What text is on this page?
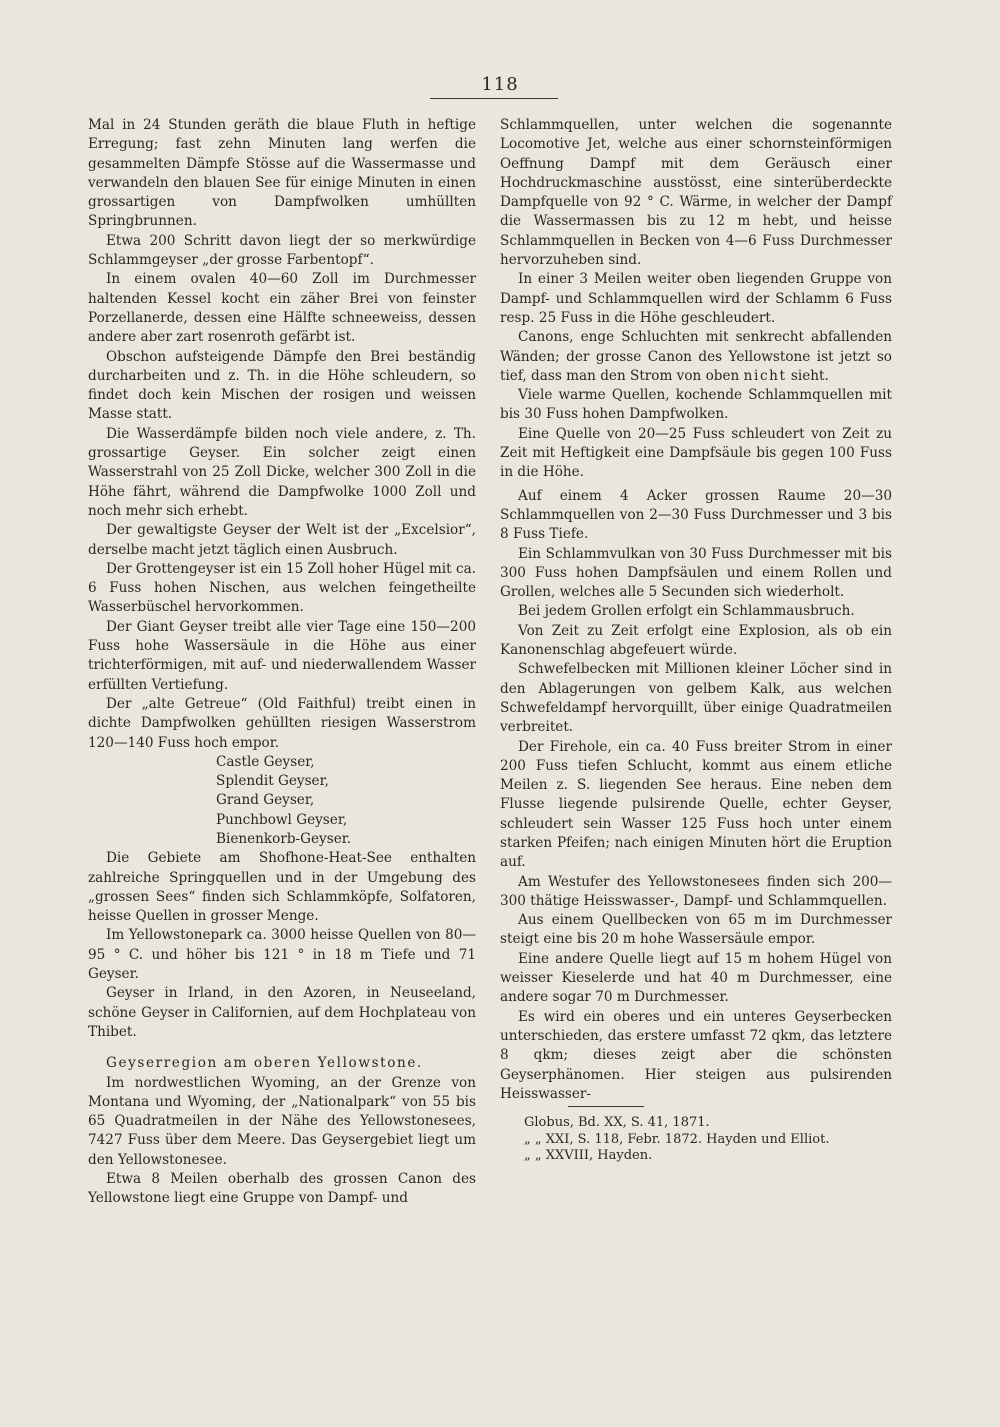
118

Mal in 24 Stunden geräth die blaue Fluth in heftige Erregung; fast zehn Minuten lang werfen die gesammelten Dämpfe Stösse auf die Wassermasse und verwandeln den blauen See für einige Minuten in einen grossartigen von Dampfwolken umhüllten Springbrunnen.

Etwa 200 Schritt davon liegt der so merkwürdige Schlammgeyser „der grosse Farbentopf“.

In einem ovalen 40—60 Zoll im Durchmesser haltenden Kessel kocht ein zäher Brei von feinster Porzellanerde, dessen eine Hälfte schneeweiss, dessen andere aber zart rosenroth gefärbt ist.

Obschon aufsteigende Dämpfe den Brei beständig durcharbeiten und z. Th. in die Höhe schleudern, so findet doch kein Mischen der rosigen und weissen Masse statt.

Die Wasserdämpfe bilden noch viele andere, z. Th. grossartige Geyser. Ein solcher zeigt einen Wasserstrahl von 25 Zoll Dicke, welcher 300 Zoll in die Höhe fährt, während die Dampfwolke 1000 Zoll und noch mehr sich erhebt.

Der gewaltigste Geyser der Welt ist der „Excelsior“, derselbe macht jetzt täglich einen Ausbruch.

Der Grottengeyser ist ein 15 Zoll hoher Hügel mit ca. 6 Fuss hohen Nischen, aus welchen feingetheilte Wasserbüschel hervorkommen.

Der Giant Geyser treibt alle vier Tage eine 150—200 Fuss hohe Wassersäule in die Höhe aus einer trichterförmigen, mit auf- und niederwallendem Wasser erfüllten Vertiefung.

Der „alte Getreue“ (Old Faithful) treibt einen in dichte Dampfwolken gehüllten riesigen Wasserstrom 120—140 Fuss hoch empor.

Castle Geyser,
Splendit Geyser,
Grand Geyser,
Punchbowl Geyser,
Bienenkorb-Geyser.

Die Gebiete am Shofhone-Heat-See enthalten zahlreiche Springquellen und in der Umgebung des „grossen Sees“ finden sich Schlammköpfe, Solfatoren, heisse Quellen in grosser Menge.

Im Yellowstonepark ca. 3000 heisse Quellen von 80—95 ° C. und höher bis 121 ° in 18 m Tiefe und 71 Geyser.

Geyser in Irland, in den Azoren, in Neuseeland, schöne Geyser in Californien, auf dem Hochplateau von Thibet.

Geyserregion am oberen Yellowstone.

Im nordwestlichen Wyoming, an der Grenze von Montana und Wyoming, der „Nationalpark“ von 55 bis 65 Quadratmeilen in der Nähe des Yellowstonesees, 7427 Fuss über dem Meere. Das Geysergebiet liegt um den Yellowstonesee.

Etwa 8 Meilen oberhalb des grossen Canon des Yellowstone liegt eine Gruppe von Dampf- und

Schlammquellen, unter welchen die sogenannte Locomotive Jet, welche aus einer schornsteinförmigen Oeffnung Dampf mit dem Geräusch einer Hochdruckmaschine ausstösst, eine sinterüberdeckte Dampfquelle von 92 ° C. Wärme, in welcher der Dampf die Wassermassen bis zu 12 m hebt, und heisse Schlammquellen in Becken von 4—6 Fuss Durchmesser hervorzuheben sind.

In einer 3 Meilen weiter oben liegenden Gruppe von Dampf- und Schlammquellen wird der Schlamm 6 Fuss resp. 25 Fuss in die Höhe geschleudert.

Canons, enge Schluchten mit senkrecht abfallenden Wänden; der grosse Canon des Yellowstone ist jetzt so tief, dass man den Strom von oben nicht sieht.

Viele warme Quellen, kochende Schlammquellen mit bis 30 Fuss hohen Dampfwolken.

Eine Quelle von 20—25 Fuss schleudert von Zeit zu Zeit mit Heftigkeit eine Dampfsäule bis gegen 100 Fuss in die Höhe.

Auf einem 4 Acker grossen Raume 20—30 Schlammquellen von 2—30 Fuss Durchmesser und 3 bis 8 Fuss Tiefe.

Ein Schlammvulkan von 30 Fuss Durchmesser mit bis 300 Fuss hohen Dampfsäulen und einem Rollen und Grollen, welches alle 5 Secunden sich wiederholt.

Bei jedem Grollen erfolgt ein Schlammausbruch.

Von Zeit zu Zeit erfolgt eine Explosion, als ob ein Kanonenschlag abgefeuert würde.

Schwefelbecken mit Millionen kleiner Löcher sind in den Ablagerungen von gelbem Kalk, aus welchen Schwefeldampf hervorquillt, über einige Quadratmeilen verbreitet.

Der Firehole, ein ca. 40 Fuss breiter Strom in einer 200 Fuss tiefen Schlucht, kommt aus einem etliche Meilen z. S. liegenden See heraus. Eine neben dem Flusse liegende pulsirende Quelle, echter Geyser, schleudert sein Wasser 125 Fuss hoch unter einem starken Pfeifen; nach einigen Minuten hört die Eruption auf.

Am Westufer des Yellowstonesees finden sich 200—300 thätige Heisswasser-, Dampf- und Schlammquellen.

Aus einem Quellbecken von 65 m im Durchmesser steigt eine bis 20 m hohe Wassersäule empor.

Eine andere Quelle liegt auf 15 m hohem Hügel von weisser Kieselerde und hat 40 m Durchmesser, eine andere sogar 70 m Durchmesser.

Es wird ein oberes und ein unteres Geyserbecken unterschieden, das erstere umfasst 72 qkm, das letztere 8 qkm; dieses zeigt aber die schönsten Geyserphänomen. Hier steigen aus pulsirenden Heisswasser-

Globus, Bd. XX, S. 41, 1871.

„ „ XXI, S. 118, Febr. 1872. Hayden und Elliot.

„ „ XXVIII, Hayden.
